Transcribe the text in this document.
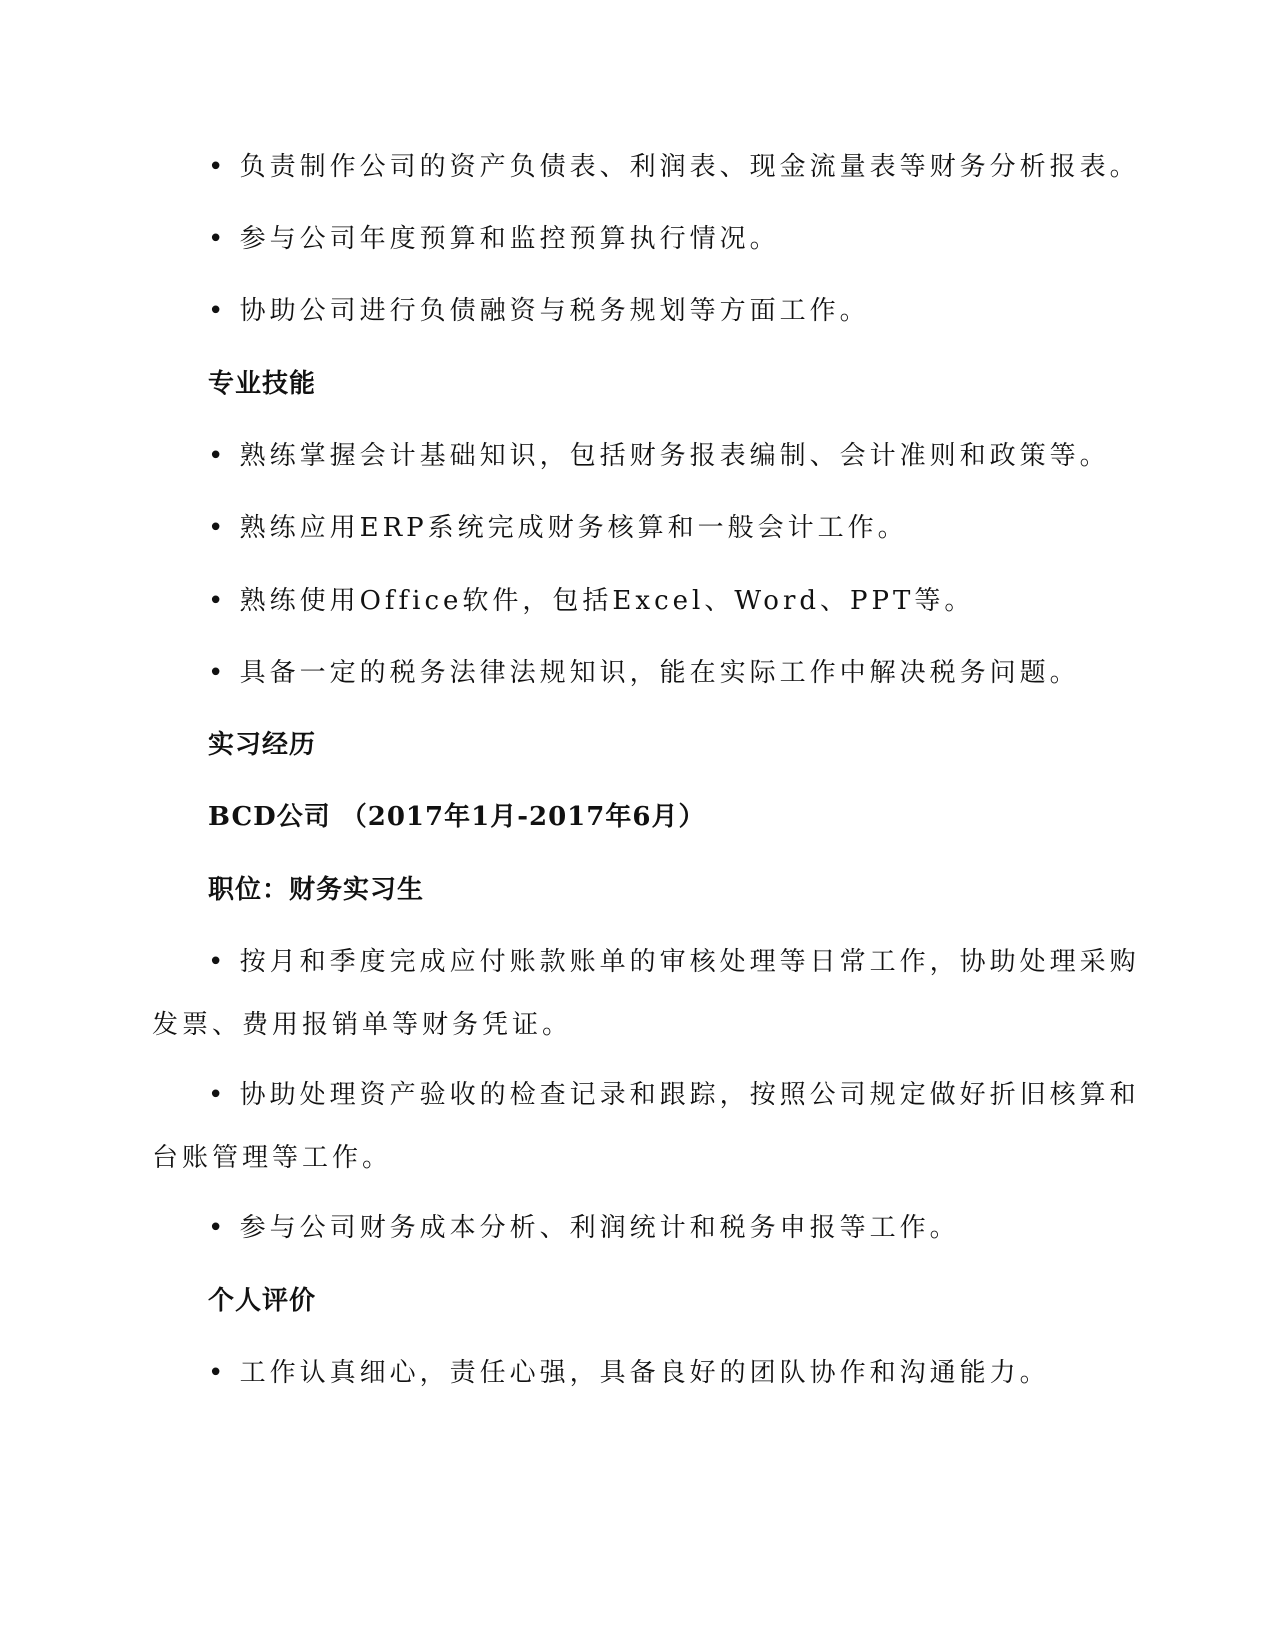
• 负责制作公司的资产负债表、利润表、现金流量表等财务分析报表。
• 参与公司年度预算和监控预算执行情况。
• 协助公司进行负债融资与税务规划等方面工作。
专业技能
• 熟练掌握会计基础知识，包括财务报表编制、会计准则和政策等。
• 熟练应用ERP系统完成财务核算和一般会计工作。
• 熟练使用Office软件，包括Excel、Word、PPT等。
• 具备一定的税务法律法规知识，能在实际工作中解决税务问题。
实习经历
BCD公司 （2017年1月-2017年6月）
职位：财务实习生
• 按月和季度完成应付账款账单的审核处理等日常工作，协助处理采购
发票、费用报销单等财务凭证。
• 协助处理资产验收的检查记录和跟踪，按照公司规定做好折旧核算和
台账管理等工作。
• 参与公司财务成本分析、利润统计和税务申报等工作。
个人评价
• 工作认真细心，责任心强，具备良好的团队协作和沟通能力。
